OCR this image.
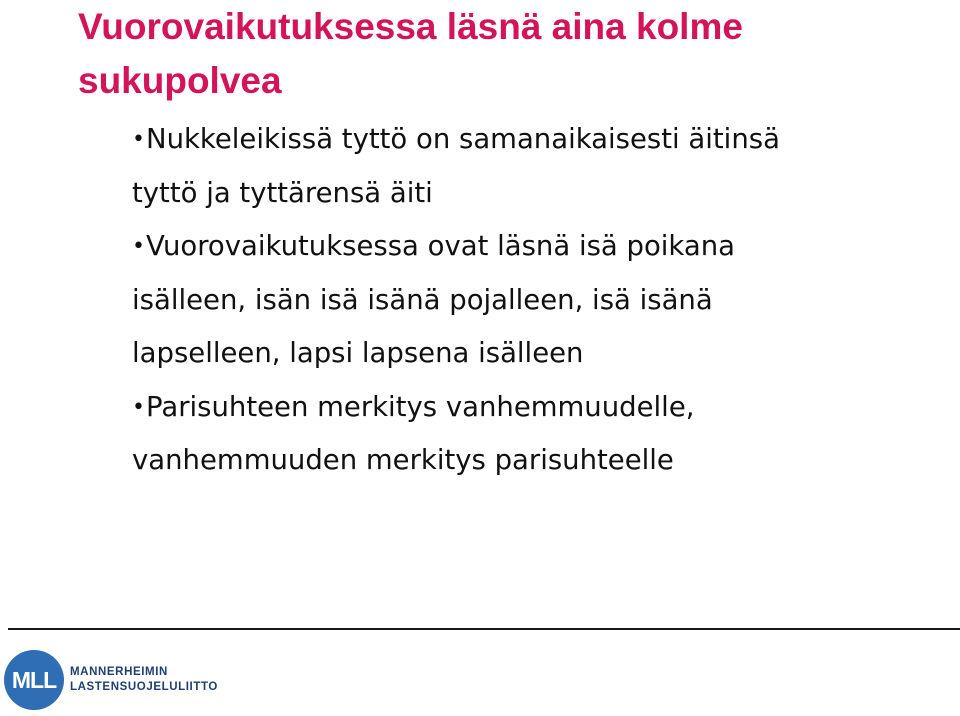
Vuorovaikutuksessa läsnä aina kolme sukupolvea
•Nukkeleikissä tyttö on samanaikaisesti äitinsä
tyttö ja tyttärensä äiti
•Vuorovaikutuksessa ovat läsnä isä poikana
isälleen, isän isä isänä pojalleen, isä isänä
lapselleen, lapsi lapsena isälleen
•Parisuhteen merkitys vanhemmuudelle,
vanhemmuuden merkitys parisuhteelle
MLL	MANNERHEIMIN
LASTENSUOJELULIITTO
